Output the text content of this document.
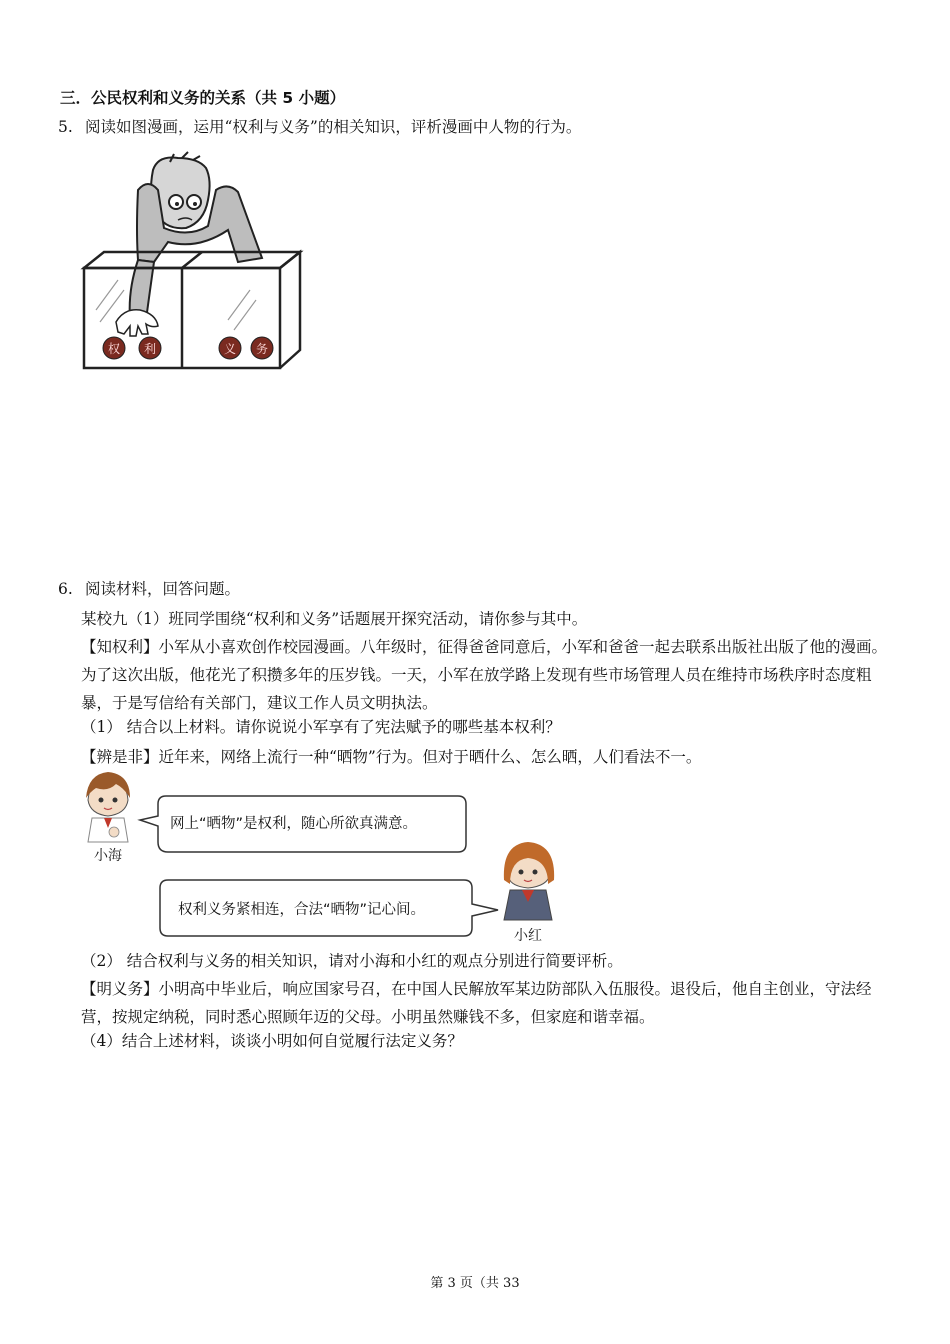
三．公民权利和义务的关系（共 5 小题）
5. 阅读如图漫画，运用“权利与义务”的相关知识，评析漫画中人物的行为。
权 利	义 务
6. 阅读材料，回答问题。
某校九（1）班同学围绕“权利和义务”话题展开探究活动，请你参与其中。
【知权利】小军从小喜欢创作校园漫画。八年级时，征得爸爸同意后，小军和爸爸一起去联系出版社出版了他的漫画。为了这次出版，他花光了积攒多年的压岁钱。一天，小军在放学路上发现有些市场管理人员在维持市场秩序时态度粗暴，于是写信给有关部门，建议工作人员文明执法。
（1） 结合以上材料。请你说说小军享有了宪法赋予的哪些基本权利？
【辨是非】近年来，网络上流行一种“晒物”行为。但对于晒什么、怎么晒，人们看法不一。
小海
网上“晒物”是权利，随心所欲真满意。
权利义务紧相连，合法“晒物”记心间。
小红
（2） 结合权利与义务的相关知识，请对小海和小红的观点分别进行简要评析。
【明义务】小明高中毕业后，响应国家号召，在中国人民解放军某边防部队入伍服役。退役后，他自主创业，守法经营，按规定纳税，同时悉心照顾年迈的父母。小明虽然赚钱不多，但家庭和谐幸福。
（4）结合上述材料，谈谈小明如何自觉履行法定义务？
第 3 页（共 33
